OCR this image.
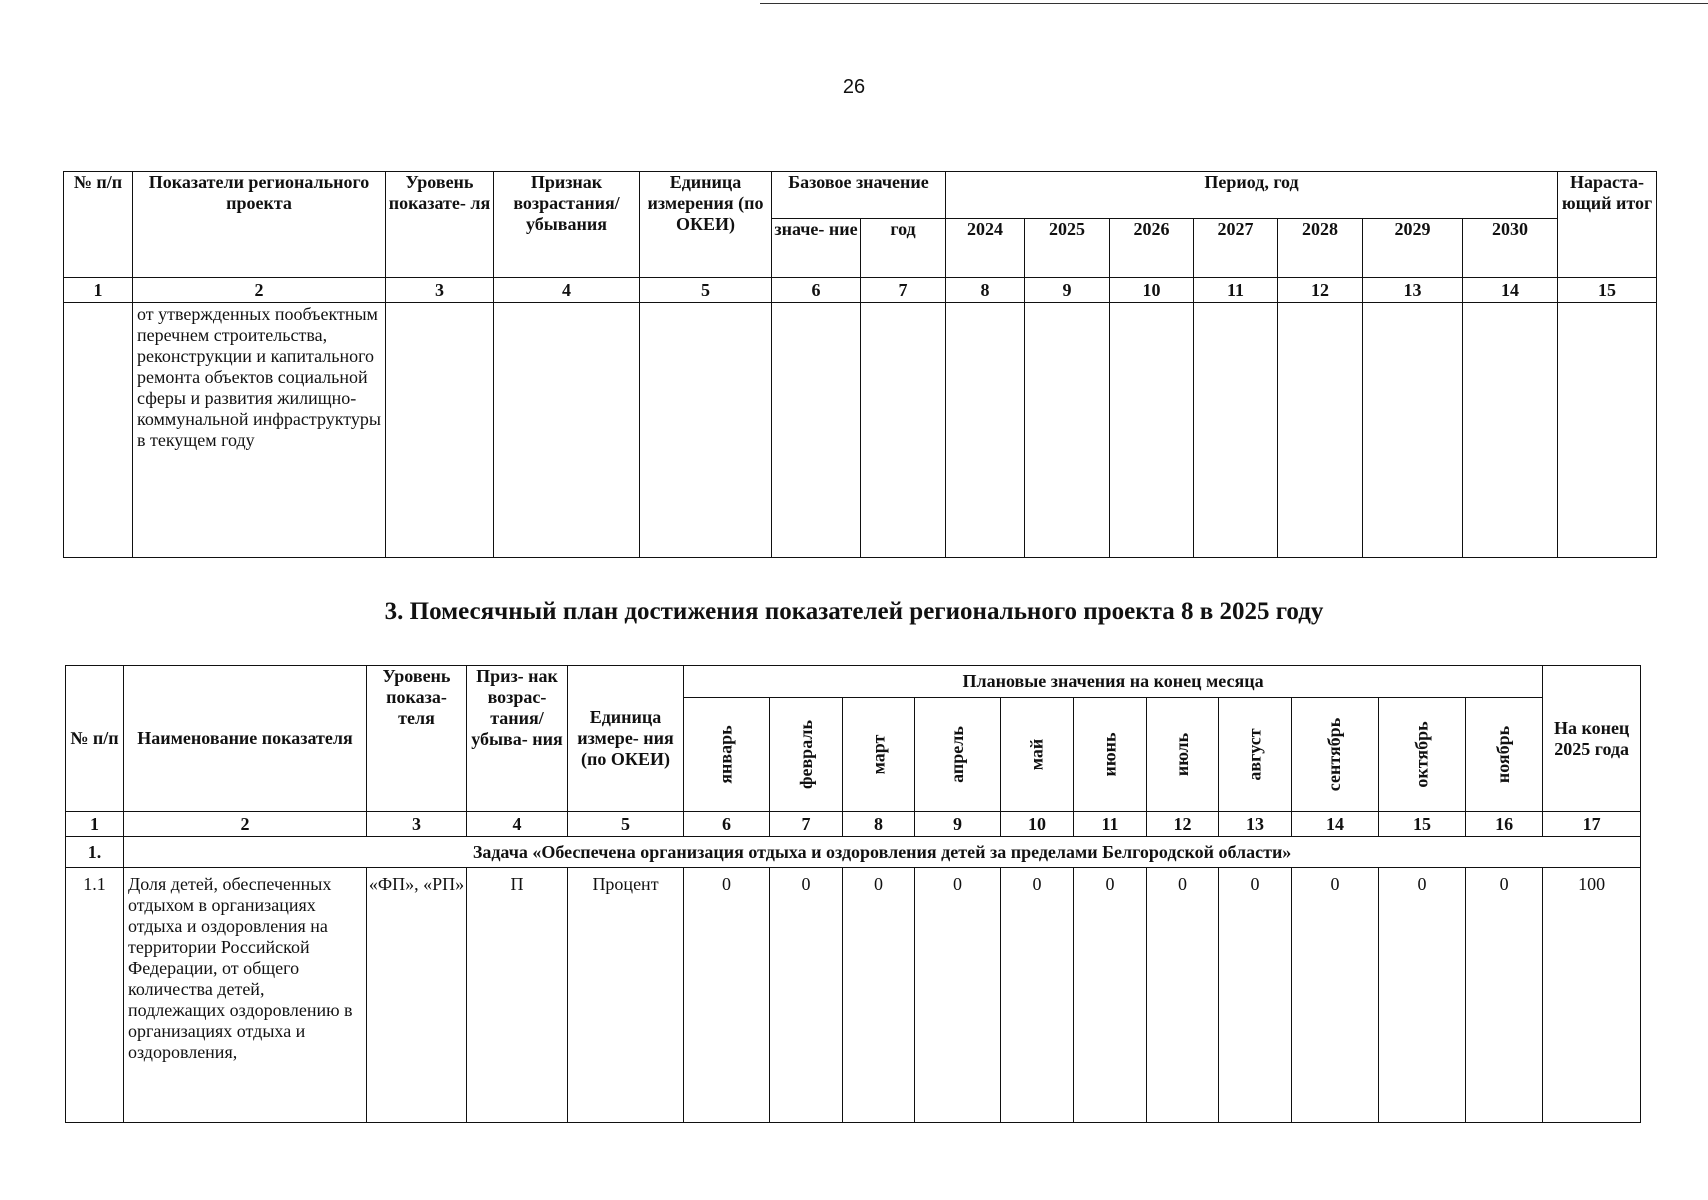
26
№ п/п	Показатели регионального проекта	Уровень показате- ля	Признак возрастания/ убывания	Единица измерения (по ОКЕИ)	Базовое значение		Период, год							Нараста- ющий итог
					значе- ние	год	2024	2025	2026	2027	2028	2029	2030	
1	2	3	4	5	6	7	8	9	10	11	12	13	14	15
	от утвержденных пообъектным перечнем строительства, реконструкции и капитального ремонта объектов социальной сферы и развития жилищно-коммунальной инфраструктуры в текущем году													
3. Помесячный план достижения показателей регионального проекта 8 в 2025 году
№ п/п	Наименование показателя	Уровень показа- теля	Приз- нак возрас- тания/ убыва- ния	Единица измере- ния (по ОКЕИ)	Плановые значения на конец месяца											На конец 2025 года
					январь	февраль	март	апрель	май	июнь	июль	август	сентябрь	октябрь	ноябрь	
1	2	3	4	5	6	7	8	9	10	11	12	13	14	15	16	17
1.	Задача «Обеспечена организация отдыха и оздоровления детей за пределами Белгородской области»															
1.1	Доля детей, обеспеченных отдыхом в организациях отдыха и оздоровления на территории Российской Федерации, от общего количества детей, подлежащих оздоровлению в организациях отдыха и оздоровления,	«ФП», «РП»	П	Процент	0	0	0	0	0	0	0	0	0	0	0	100
